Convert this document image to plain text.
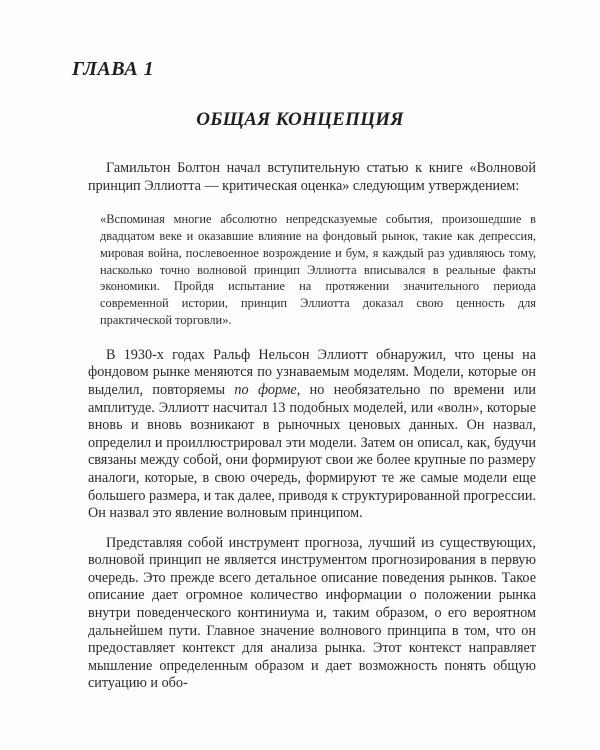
ГЛАВА 1
ОБЩАЯ КОНЦЕПЦИЯ

Гамильтон Болтон начал вступительную статью к книге «Волновой принцип Эллиотта — критическая оценка» следующим утверждением:

«Вспоминая многие абсолютно непредсказуемые события, произошедшие в двадцатом веке и оказавшие влияние на фондовый рынок, такие как депрессия, мировая война, послевоенное возрождение и бум, я каждый раз удивляюсь тому, насколько точно волновой принцип Эллиотта вписывался в реальные факты экономики. Пройдя испытание на протяжении значительного периода современной истории, принцип Эллиотта доказал свою ценность для практической торговли».

В 1930-х годах Ральф Нельсон Эллиотт обнаружил, что цены на фондовом рынке меняются по узнаваемым моделям. Модели, которые он выделил, повторяемы по форме, но необязательно по времени или амплитуде. Эллиотт насчитал 13 подобных моделей, или «волн», которые вновь и вновь возникают в рыночных ценовых данных. Он назвал, определил и проиллюстрировал эти модели. Затем он описал, как, будучи связаны между собой, они формируют свои же более крупные по размеру аналоги, которые, в свою очередь, формируют те же самые модели еще большего размера, и так далее, приводя к структурированной прогрессии. Он назвал это явление волновым принципом.

Представляя собой инструмент прогноза, лучший из существующих, волновой принцип не является инструментом прогнозирования в первую очередь. Это прежде всего детальное описание поведения рынков. Такое описание дает огромное количество информации о положении рынка внутри поведенческого континиума и, таким образом, о его вероятном дальнейшем пути. Главное значение волнового принципа в том, что он предоставляет контекст для анализа рынка. Этот контекст направляет мышление определенным образом и дает возможность понять общую ситуацию и обо-
